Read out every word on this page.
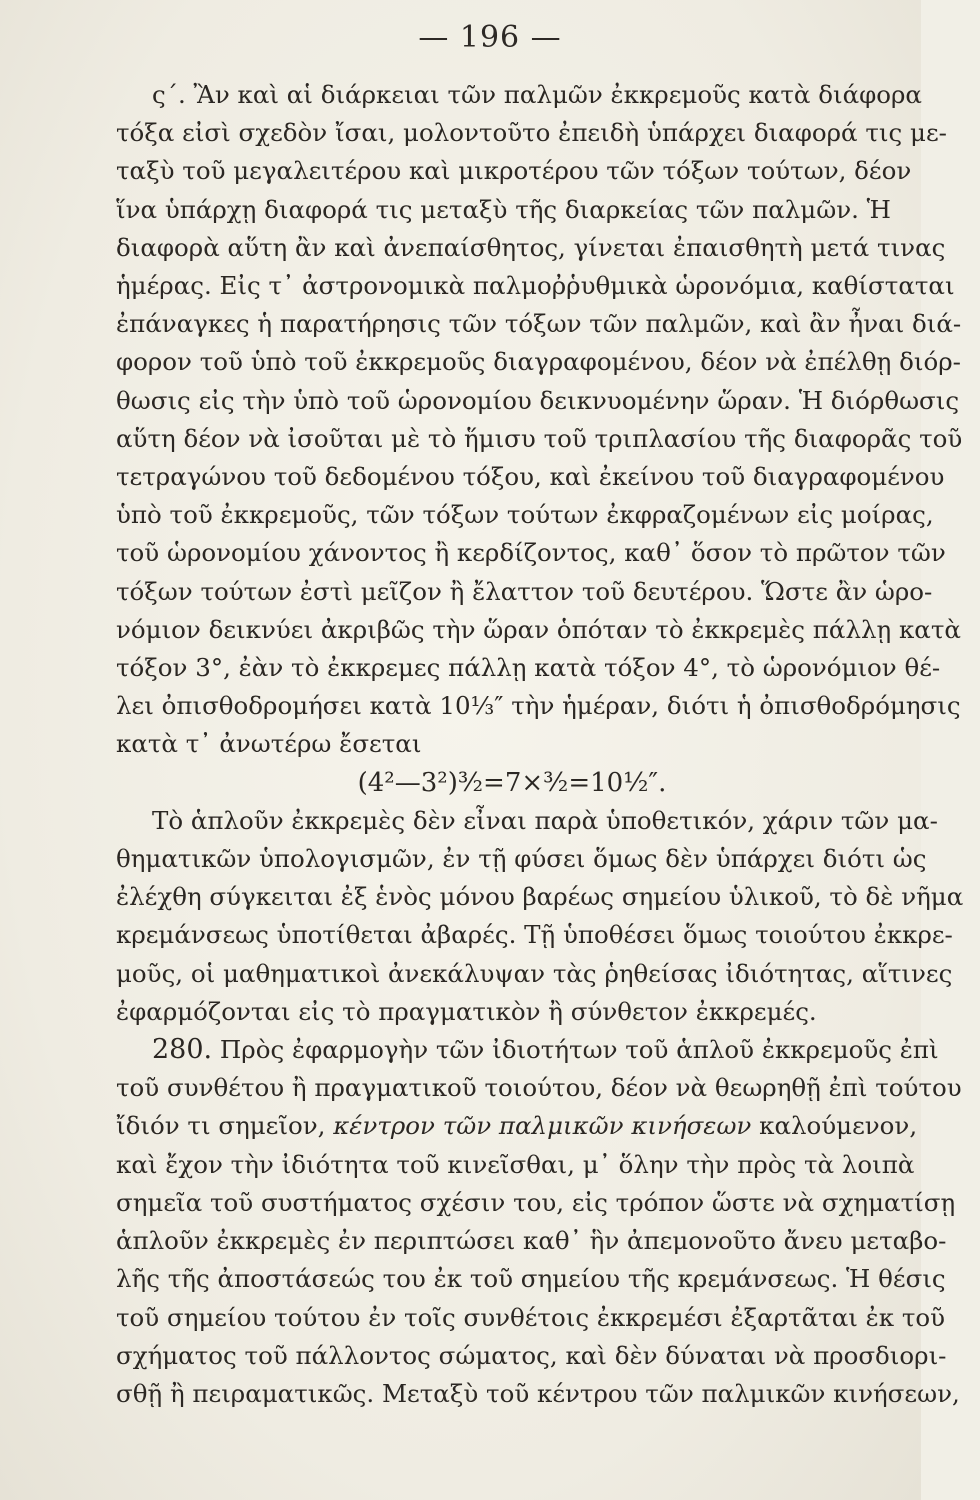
— 196 —
ς΄. Ἂν καὶ αἱ διάρκειαι τῶν παλμῶν ἐκκρεμοῦς κατὰ διάφορα
τόξα εἰσὶ σχεδὸν ἴσαι, μολοντοῦτο ἐπειδὴ ὑπάρχει διαφορά τις με-
ταξὺ τοῦ μεγαλειτέρου καὶ μικροτέρου τῶν τόξων τούτων, δέον
ἵνα ὑπάρχῃ διαφορά τις μεταξὺ τῆς διαρκείας τῶν παλμῶν. Ἡ
διαφορὰ αὕτη ἂν καὶ ἀνεπαίσθητος, γίνεται ἐπαισθητὴ μετά τινας
ἡμέρας. Εἰς τ᾽ ἀστρονομικὰ παλμοῤῥυθμικὰ ὡρονόμια, καθίσταται
ἐπάναγκες ἡ παρατήρησις τῶν τόξων τῶν παλμῶν, καὶ ἂν ἦναι διά-
φορον τοῦ ὑπὸ τοῦ ἐκκρεμοῦς διαγραφομένου, δέον νὰ ἐπέλθῃ διόρ-
θωσις εἰς τὴν ὑπὸ τοῦ ὡρονομίου δεικνυομένην ὥραν. Ἡ διόρθωσις
αὕτη δέον νὰ ἰσοῦται μὲ τὸ ἥμισυ τοῦ τριπλασίου τῆς διαφορᾶς τοῦ
τετραγώνου τοῦ δεδομένου τόξου, καὶ ἐκείνου τοῦ διαγραφομένου
ὑπὸ τοῦ ἐκκρεμοῦς, τῶν τόξων τούτων ἐκφραζομένων εἰς μοίρας,
τοῦ ὡρονομίου χάνοντος ἢ κερδίζοντος, καθ᾽ ὅσον τὸ πρῶτον τῶν
τόξων τούτων ἐστὶ μεῖζον ἢ ἔλαττον τοῦ δευτέρου. Ὥστε ἂν ὡρο-
νόμιον δεικνύει ἀκριβῶς τὴν ὥραν ὁπόταν τὸ ἐκκρεμὲς πάλλῃ κατὰ
τόξον 3°, ἐὰν τὸ ἐκκρεμες πάλλῃ κατὰ τόξον 4°, τὸ ὡρονόμιον θέ-
λει ὀπισθοδρομήσει κατὰ 10⅓″ τὴν ἡμέραν, διότι ἡ ὀπισθοδρόμησις
κατὰ τ᾽ ἀνωτέρω ἔσεται
(4²—3²)³⁄₂=7×³⁄₂=10½″.
Τὸ ἁπλοῦν ἐκκρεμὲς δὲν εἶναι παρὰ ὑποθετικόν, χάριν τῶν μα-
θηματικῶν ὑπολογισμῶν, ἐν τῇ φύσει ὅμως δὲν ὑπάρχει διότι ὡς
ἐλέχθη σύγκειται ἐξ ἑνὸς μόνου βαρέως σημείου ὑλικοῦ, τὸ δὲ νῆμα
κρεμάνσεως ὑποτίθεται ἀβαρές. Τῇ ὑποθέσει ὅμως τοιούτου ἐκκρε-
μοῦς, οἱ μαθηματικοὶ ἀνεκάλυψαν τὰς ῥηθείσας ἰδιότητας, αἵτινες
ἐφαρμόζονται εἰς τὸ πραγματικὸν ἢ σύνθετον ἐκκρεμές.
280. Πρὸς ἐφαρμογὴν τῶν ἰδιοτήτων τοῦ ἁπλοῦ ἐκκρεμοῦς ἐπὶ
τοῦ συνθέτου ἢ πραγματικοῦ τοιούτου, δέον νὰ θεωρηθῇ ἐπὶ τούτου
ἴδιόν τι σημεῖον, κέντρον τῶν παλμικῶν κινήσεων καλούμενον,
καὶ ἔχον τὴν ἰδιότητα τοῦ κινεῖσθαι, μ᾽ ὅλην τὴν πρὸς τὰ λοιπὰ
σημεῖα τοῦ συστήματος σχέσιν του, εἰς τρόπον ὥστε νὰ σχηματίσῃ
ἁπλοῦν ἐκκρεμὲς ἐν περιπτώσει καθ᾽ ἣν ἀπεμονοῦτο ἄνευ μεταβο-
λῆς τῆς ἀποστάσεώς του ἐκ τοῦ σημείου τῆς κρεμάνσεως. Ἡ θέσις
τοῦ σημείου τούτου ἐν τοῖς συνθέτοις ἐκκρεμέσι ἐξαρτᾶται ἐκ τοῦ
σχήματος τοῦ πάλλοντος σώματος, καὶ δὲν δύναται νὰ προσδιορι-
σθῇ ἢ πειραματικῶς. Μεταξὺ τοῦ κέντρου τῶν παλμικῶν κινήσεων,
